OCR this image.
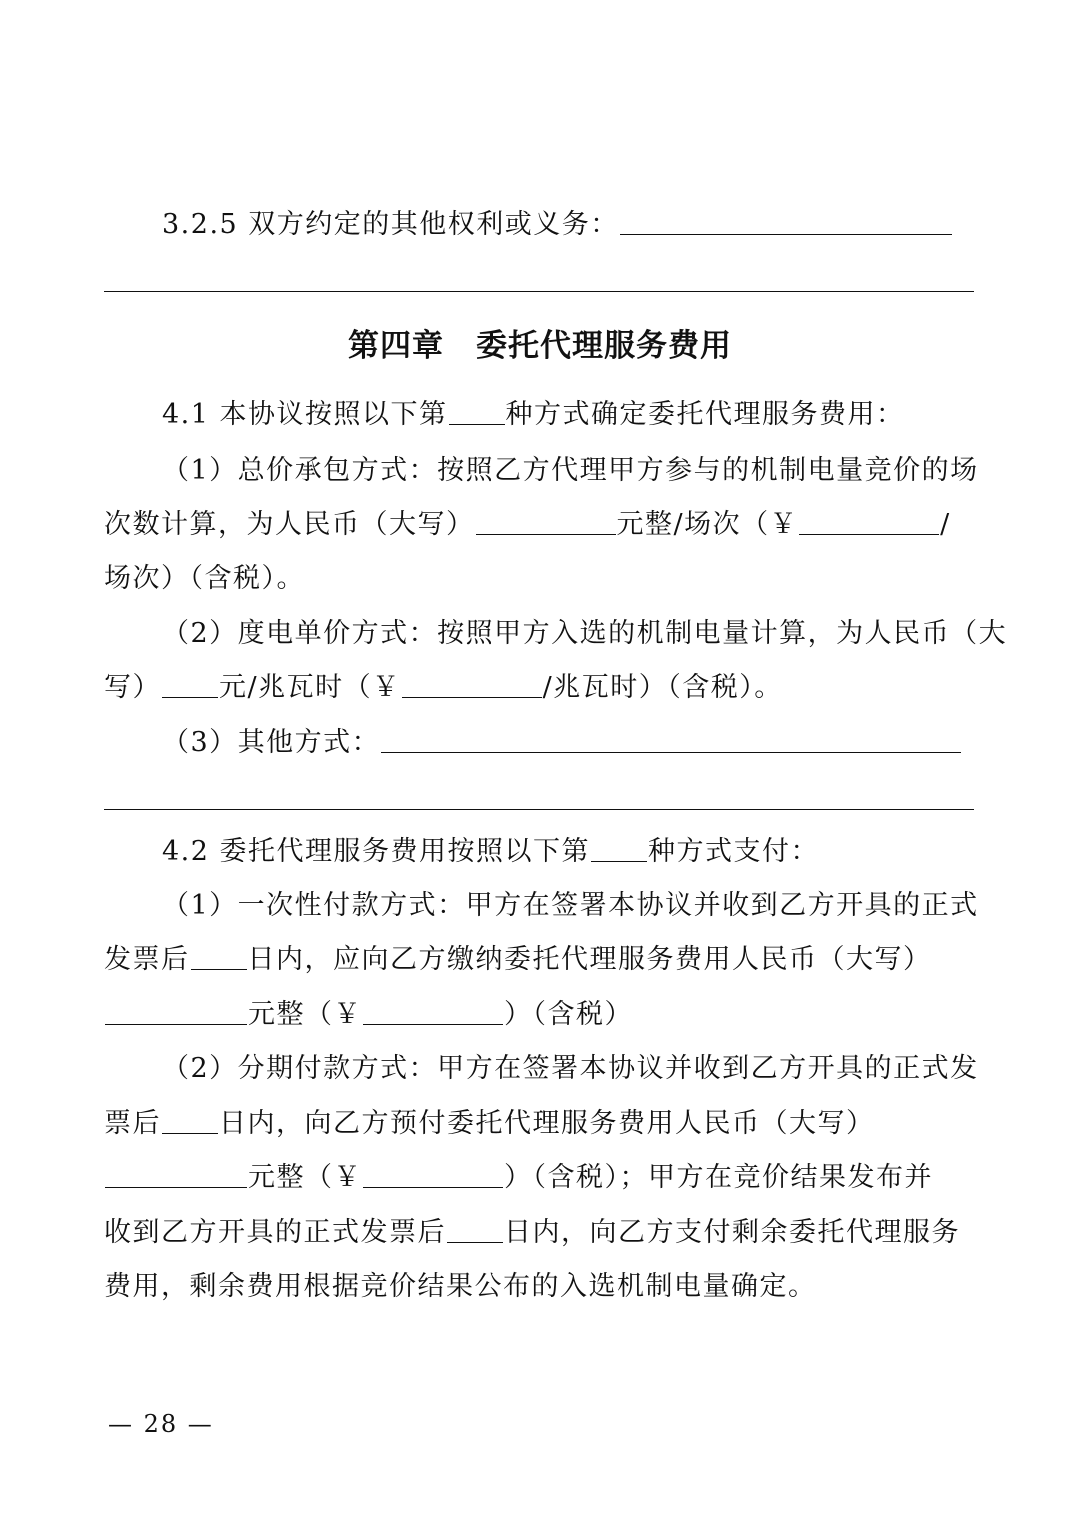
3.2.5 双方约定的其他权利或义务：
第四章　委托代理服务费用
4.1 本协议按照以下第 种方式确定委托代理服务费用：
（1）总价承包方式：按照乙方代理甲方参与的机制电量竞价的场
次数计算，为人民币（大写）	元整/场次（￥	/
场次）（含税）。
（2）度电单价方式：按照甲方入选的机制电量计算，为人民币（大
写） 元/兆瓦时（￥	/兆瓦时）（含税）。
（3）其他方式：
4.2 委托代理服务费用按照以下第 种方式支付：
（1）一次性付款方式：甲方在签署本协议并收到乙方开具的正式
发票后 日内，应向乙方缴纳委托代理服务费用人民币（大写）
元整（￥	）（含税）
（2）分期付款方式：甲方在签署本协议并收到乙方开具的正式发
票后 日内，向乙方预付委托代理服务费用人民币（大写）
元整（￥	）（含税）；甲方在竞价结果发布并
收到乙方开具的正式发票后 日内，向乙方支付剩余委托代理服务
费用，剩余费用根据竞价结果公布的入选机制电量确定。
— 28 —
